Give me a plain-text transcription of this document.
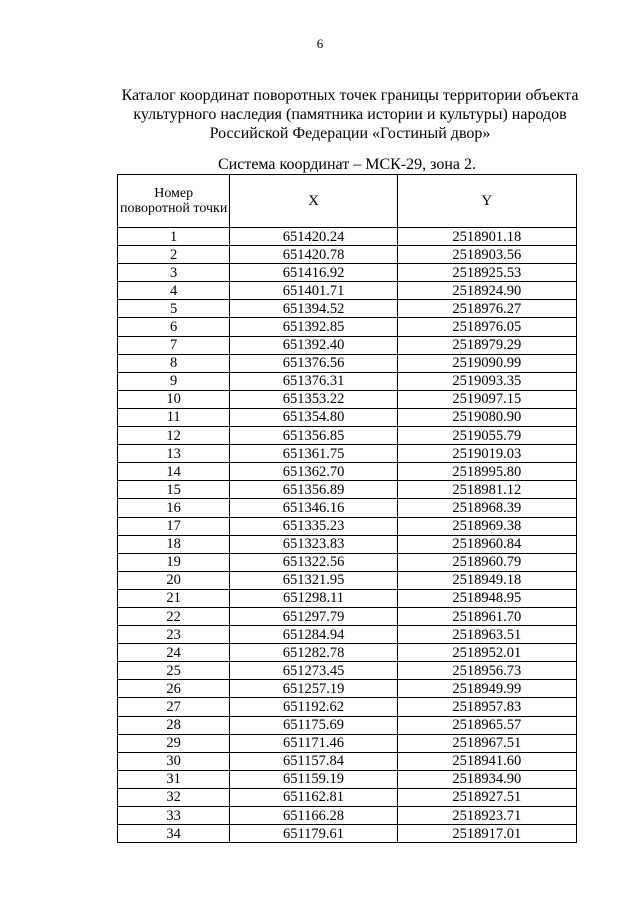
6
Каталог координат поворотных точек границы территории объекта культурного наследия (памятника истории и культуры) народов Российской Федерации «Гостиный двор»
Система координат – МСК-29, зона 2.
Номер поворотной точки	X	Y
1	651420.24	2518901.18
2	651420.78	2518903.56
3	651416.92	2518925.53
4	651401.71	2518924.90
5	651394.52	2518976.27
6	651392.85	2518976.05
7	651392.40	2518979.29
8	651376.56	2519090.99
9	651376.31	2519093.35
10	651353.22	2519097.15
11	651354.80	2519080.90
12	651356.85	2519055.79
13	651361.75	2519019.03
14	651362.70	2518995.80
15	651356.89	2518981.12
16	651346.16	2518968.39
17	651335.23	2518969.38
18	651323.83	2518960.84
19	651322.56	2518960.79
20	651321.95	2518949.18
21	651298.11	2518948.95
22	651297.79	2518961.70
23	651284.94	2518963.51
24	651282.78	2518952.01
25	651273.45	2518956.73
26	651257.19	2518949.99
27	651192.62	2518957.83
28	651175.69	2518965.57
29	651171.46	2518967.51
30	651157.84	2518941.60
31	651159.19	2518934.90
32	651162.81	2518927.51
33	651166.28	2518923.71
34	651179.61	2518917.01
